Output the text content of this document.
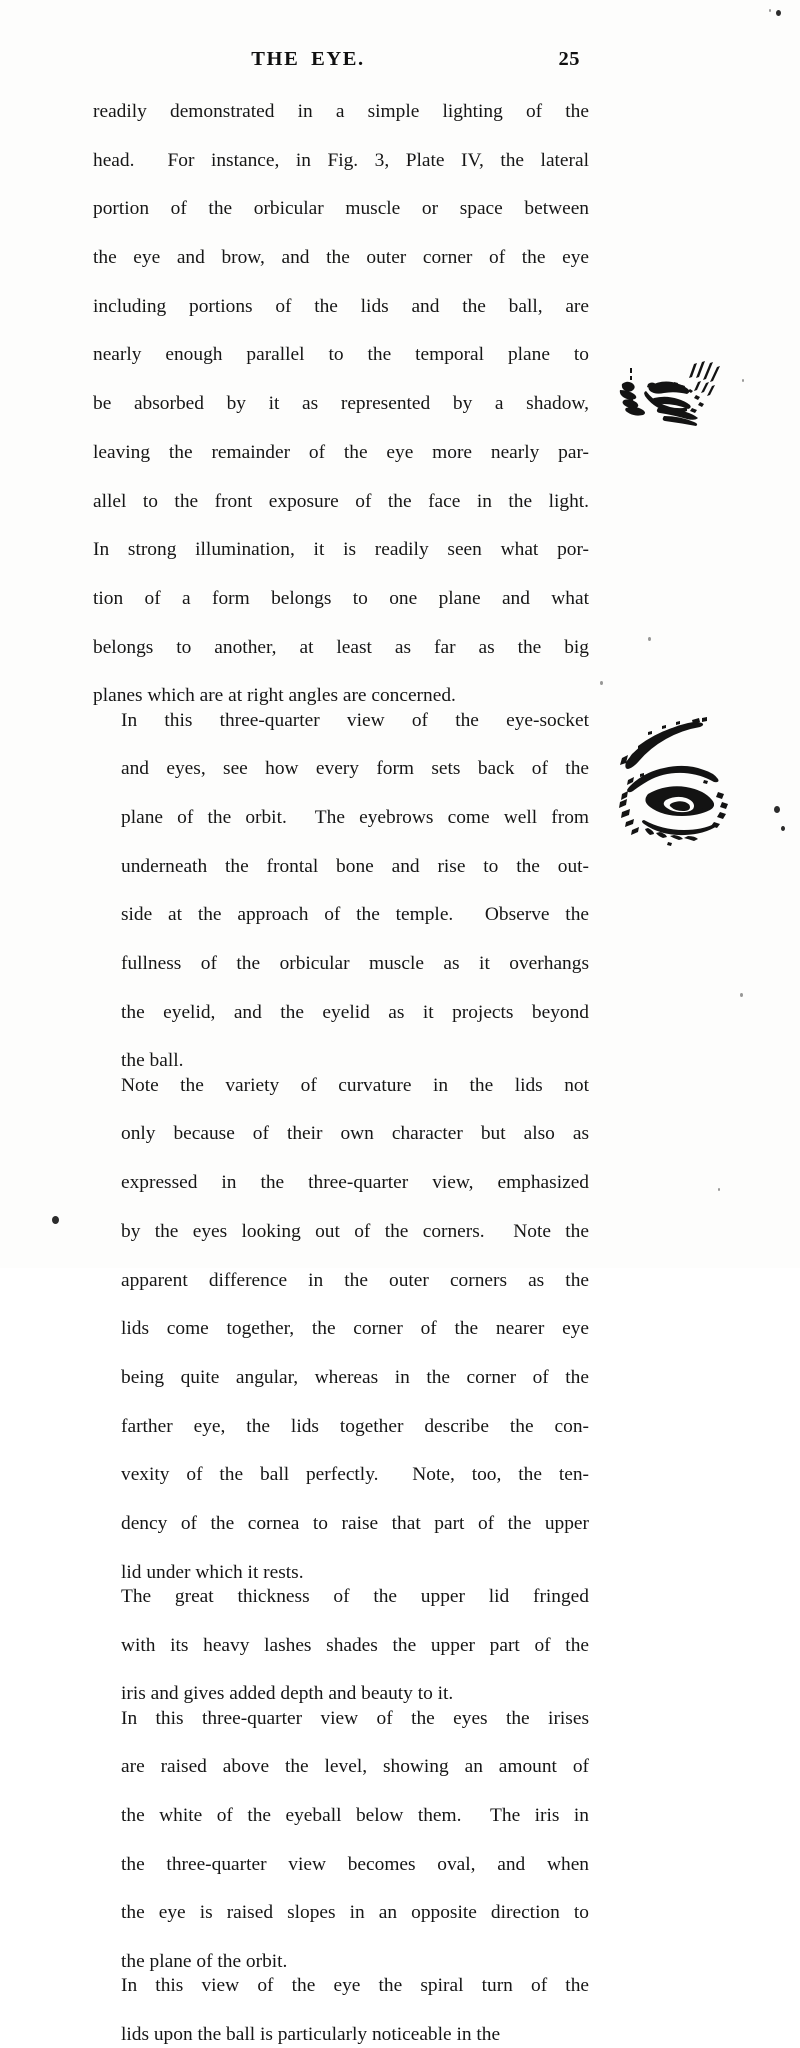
THE EYE.	25

readily demonstrated in a simple lighting of the
head.  For instance, in Fig. 3, Plate IV, the lateral
portion of the orbicular muscle or space between
the eye and brow, and the outer corner of the eye
including portions of the lids and the ball, are
nearly enough parallel to the temporal plane to
be absorbed by it as represented by a shadow,
leaving the remainder of the eye more nearly par-
allel to the front exposure of the face in the light.
In strong illumination, it is readily seen what por-
tion of a form belongs to one plane and what
belongs to another, at least as far as the big
planes which are at right angles are concerned.

In this three-quarter view of the eye-socket
and eyes, see how every form sets back of the
plane of the orbit.  The eyebrows come well from
underneath the frontal bone and rise to the out-
side at the approach of the temple.  Observe the
fullness of the orbicular muscle as it overhangs
the eyelid, and the eyelid as it projects beyond
the ball.

Note the variety of curvature in the lids not
only because of their own character but also as
expressed in the three-quarter view, emphasized
by the eyes looking out of the corners.  Note the
apparent difference in the outer corners as the
lids come together, the corner of the nearer eye
being quite angular, whereas in the corner of the
farther eye, the lids together describe the con-
vexity of the ball perfectly.  Note, too, the ten-
dency of the cornea to raise that part of the upper
lid under which it rests.

The great thickness of the upper lid fringed
with its heavy lashes shades the upper part of the
iris and gives added depth and beauty to it.

In this three-quarter view of the eyes the irises
are raised above the level, showing an amount of
the white of the eyeball below them.  The iris in
the three-quarter view becomes oval, and when
the eye is raised slopes in an opposite direction to
the plane of the orbit.

In this view of the eye the spiral turn of the
lids upon the ball is particularly noticeable in the
